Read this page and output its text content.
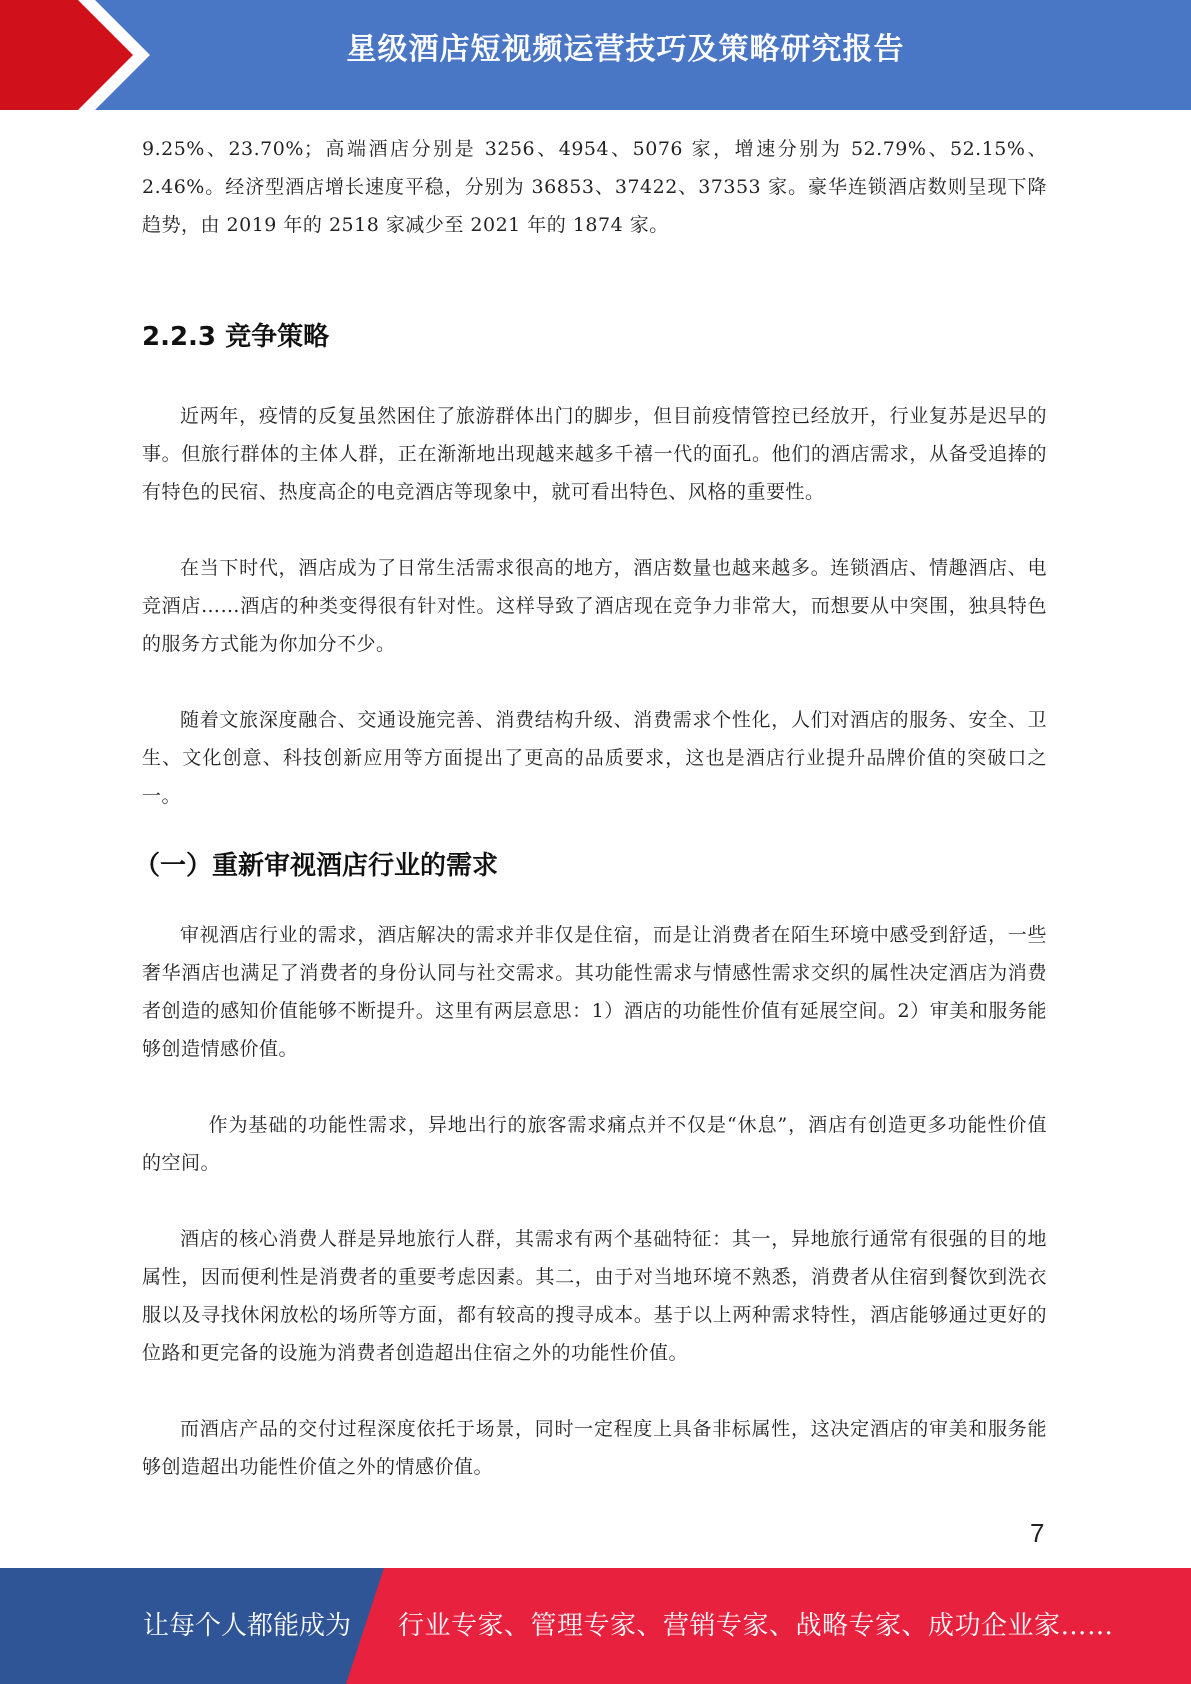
星级酒店短视频运营技巧及策略研究报告

9.25%、23.70%；高端酒店分别是 3256、4954、5076 家，增速分别为 52.79%、52.15%、2.46%。经济型酒店增长速度平稳，分别为 36853、37422、37353 家。豪华连锁酒店数则呈现下降趋势，由 2019 年的 2518 家减少至 2021 年的 1874 家。

2.2.3 竞争策略

近两年，疫情的反复虽然困住了旅游群体出门的脚步，但目前疫情管控已经放开，行业复苏是迟早的事。但旅行群体的主体人群，正在渐渐地出现越来越多千禧一代的面孔。他们的酒店需求，从备受追捧的有特色的民宿、热度高企的电竞酒店等现象中，就可看出特色、风格的重要性。

在当下时代，酒店成为了日常生活需求很高的地方，酒店数量也越来越多。连锁酒店、情趣酒店、电竞酒店……酒店的种类变得很有针对性。这样导致了酒店现在竞争力非常大，而想要从中突围，独具特色的服务方式能为你加分不少。

随着文旅深度融合、交通设施完善、消费结构升级、消费需求个性化，人们对酒店的服务、安全、卫生、文化创意、科技创新应用等方面提出了更高的品质要求，这也是酒店行业提升品牌价值的突破口之一。

（一）重新审视酒店行业的需求

审视酒店行业的需求，酒店解决的需求并非仅是住宿，而是让消费者在陌生环境中感受到舒适，一些奢华酒店也满足了消费者的身份认同与社交需求。其功能性需求与情感性需求交织的属性决定酒店为消费者创造的感知价值能够不断提升。这里有两层意思：1）酒店的功能性价值有延展空间。2）审美和服务能够创造情感价值。

作为基础的功能性需求，异地出行的旅客需求痛点并不仅是“休息”，酒店有创造更多功能性价值的空间。

酒店的核心消费人群是异地旅行人群，其需求有两个基础特征：其一，异地旅行通常有很强的目的地属性，因而便利性是消费者的重要考虑因素。其二，由于对当地环境不熟悉，消费者从住宿到餐饮到洗衣服以及寻找休闲放松的场所等方面，都有较高的搜寻成本。基于以上两种需求特性，酒店能够通过更好的位路和更完备的设施为消费者创造超出住宿之外的功能性价值。

而酒店产品的交付过程深度依托于场景，同时一定程度上具备非标属性，这决定酒店的审美和服务能够创造超出功能性价值之外的情感价值。

7
让每个人都能成为 行业专家、管理专家、营销专家、战略专家、成功企业家……
